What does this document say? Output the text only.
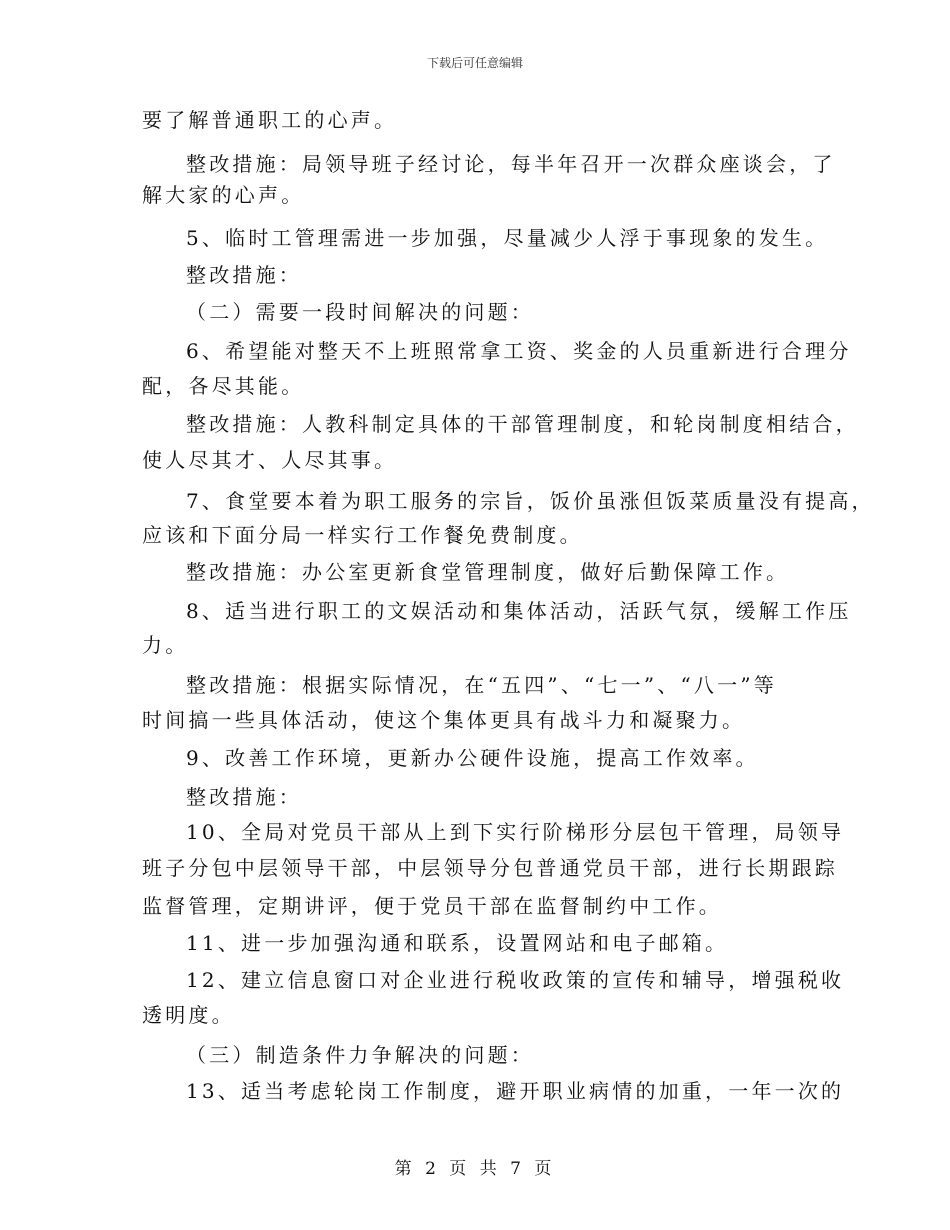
下载后可任意编辑
要了解普通职工的心声。
整改措施：局领导班子经讨论，每半年召开一次群众座谈会，了
解大家的心声。
5、临时工管理需进一步加强，尽量减少人浮于事现象的发生。
整改措施：
（二）需要一段时间解决的问题：
6、希望能对整天不上班照常拿工资、奖金的人员重新进行合理分
配，各尽其能。
整改措施：人教科制定具体的干部管理制度，和轮岗制度相结合，
使人尽其才、人尽其事。
7、食堂要本着为职工服务的宗旨，饭价虽涨但饭菜质量没有提高，
应该和下面分局一样实行工作餐免费制度。
整改措施：办公室更新食堂管理制度，做好后勤保障工作。
8、适当进行职工的文娱活动和集体活动，活跃气氛，缓解工作压
力。
整改措施：根据实际情况，在“五四”、“七一”、“八一”等
时间搞一些具体活动，使这个集体更具有战斗力和凝聚力。
9、改善工作环境，更新办公硬件设施，提高工作效率。
整改措施：
10、全局对党员干部从上到下实行阶梯形分层包干管理，局领导
班子分包中层领导干部，中层领导分包普通党员干部，进行长期跟踪
监督管理，定期讲评，便于党员干部在监督制约中工作。
11、进一步加强沟通和联系，设置网站和电子邮箱。
12、建立信息窗口对企业进行税收政策的宣传和辅导，增强税收
透明度。
（三）制造条件力争解决的问题：
13、适当考虑轮岗工作制度，避开职业病情的加重，一年一次的
第 2 页 共 7 页
